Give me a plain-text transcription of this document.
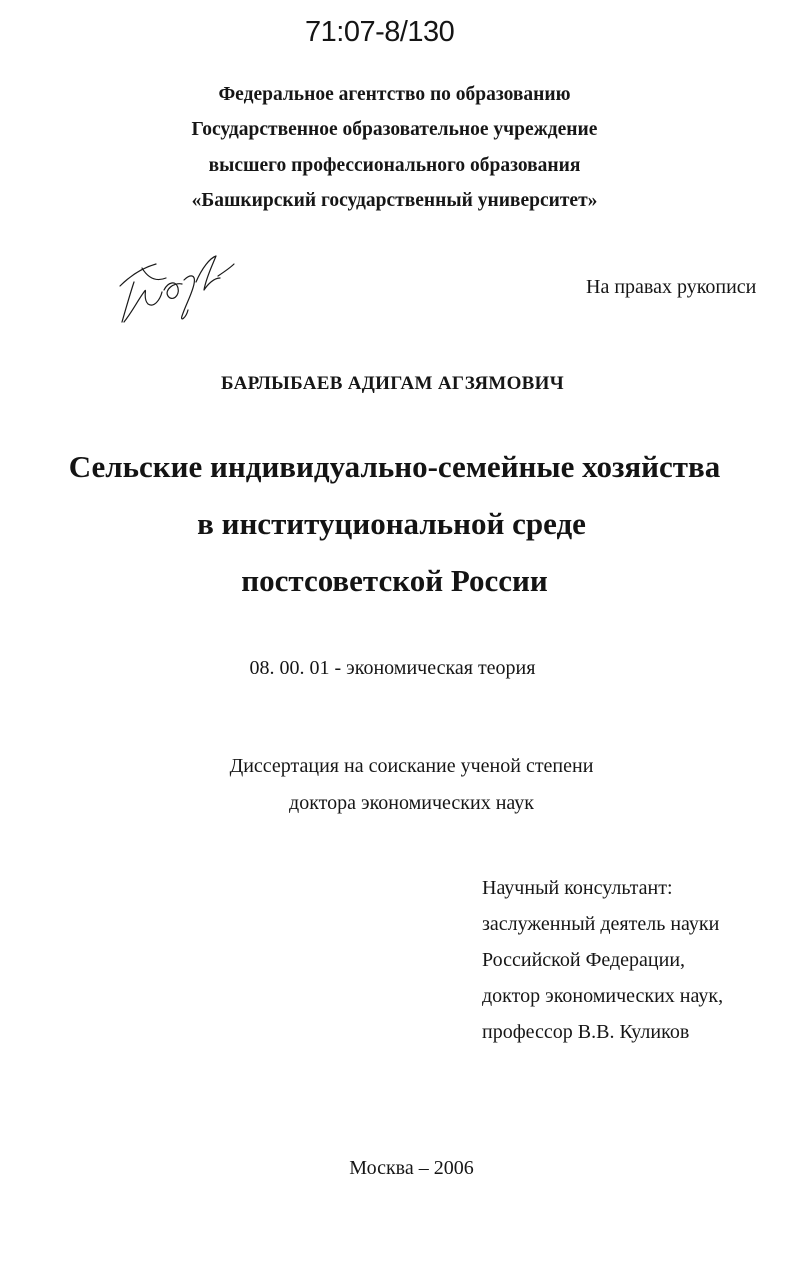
71:07-8/130
Федеральное агентство по образованию
Государственное образовательное учреждение
высшего профессионального образования
«Башкирский государственный университет»
На правах рукописи
БАРЛЫБАЕВ АДИГАМ АГЗЯМОВИЧ
Сельские индивидуально-семейные хозяйства
в институциональной среде
постсоветской России
08. 00. 01 - экономическая теория
Диссертация на соискание ученой степени
доктора экономических наук
Научный консультант:
заслуженный деятель науки
Российской Федерации,
доктор экономических наук,
профессор В.В. Куликов
Москва – 2006
